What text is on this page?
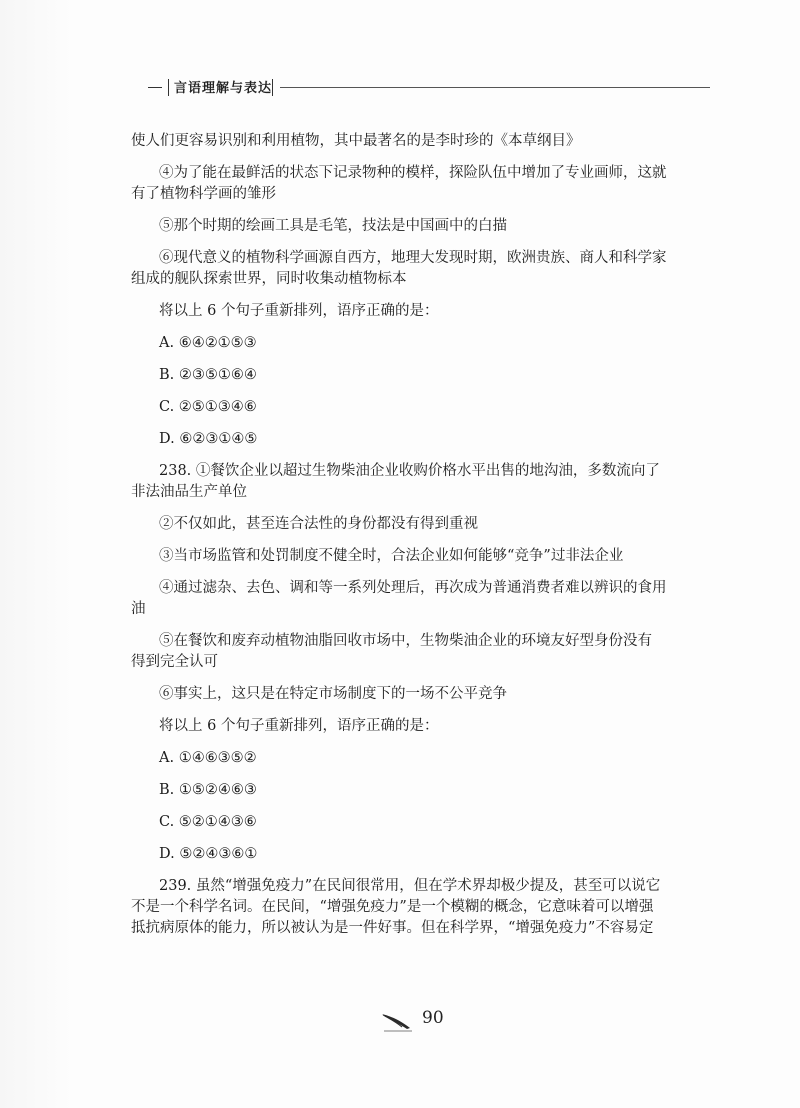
言语理解与表达

使人们更容易识别和利用植物，其中最著名的是李时珍的《本草纲目》

④为了能在最鲜活的状态下记录物种的模样，探险队伍中增加了专业画师，这就

有了植物科学画的雏形

⑤那个时期的绘画工具是毛笔，技法是中国画中的白描

⑥现代意义的植物科学画源自西方，地理大发现时期，欧洲贵族、商人和科学家

组成的舰队探索世界，同时收集动植物标本

将以上 6 个句子重新排列，语序正确的是：

A. ⑥④②①⑤③

B. ②③⑤①⑥④

C. ②⑤①③④⑥

D. ⑥②③①④⑤

238. ①餐饮企业以超过生物柴油企业收购价格水平出售的地沟油，多数流向了

非法油品生产单位

②不仅如此，甚至连合法性的身份都没有得到重视

③当市场监管和处罚制度不健全时，合法企业如何能够“竞争”过非法企业

④通过滤杂、去色、调和等一系列处理后，再次成为普通消费者难以辨识的食用

油

⑤在餐饮和废弃动植物油脂回收市场中，生物柴油企业的环境友好型身份没有

得到完全认可

⑥事实上，这只是在特定市场制度下的一场不公平竞争

将以上 6 个句子重新排列，语序正确的是：

A. ①④⑥③⑤②

B. ①⑤②④⑥③

C. ⑤②①④③⑥

D. ⑤②④③⑥①

239. 虽然“增强免疫力”在民间很常用，但在学术界却极少提及，甚至可以说它

不是一个科学名词。在民间，“增强免疫力”是一个模糊的概念，它意味着可以增强

抵抗病原体的能力，所以被认为是一件好事。但在科学界，“增强免疫力”不容易定

90
